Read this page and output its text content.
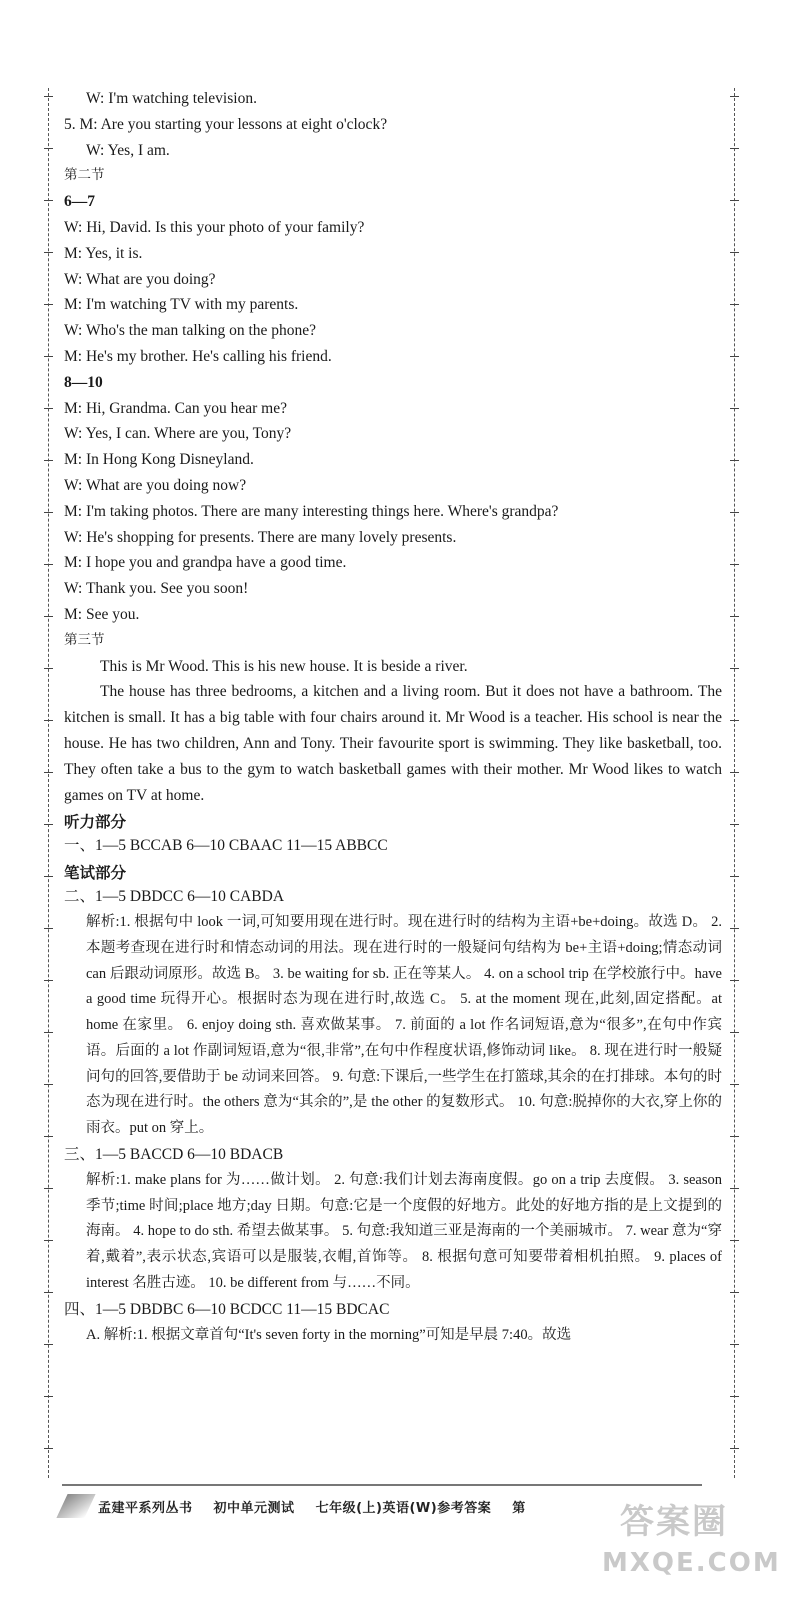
W: I'm watching television.
5. M: Are you starting your lessons at eight o'clock?
W: Yes, I am.
第二节
6—7
W: Hi, David. Is this your photo of your family?
M: Yes, it is.
W: What are you doing?
M: I'm watching TV with my parents.
W: Who's the man talking on the phone?
M: He's my brother. He's calling his friend.
8—10
M: Hi, Grandma. Can you hear me?
W: Yes, I can. Where are you, Tony?
M: In Hong Kong Disneyland.
W: What are you doing now?
M: I'm taking photos. There are many interesting things here. Where's grandpa?
W: He's shopping for presents. There are many lovely presents.
M: I hope you and grandpa have a good time.
W: Thank you. See you soon!
M: See you.
第三节
This is Mr Wood. This is his new house. It is beside a river.
The house has three bedrooms, a kitchen and a living room. But it does not have a bathroom. The kitchen is small. It has a big table with four chairs around it. Mr Wood is a teacher. His school is near the house. He has two children, Ann and Tony. Their favourite sport is swimming. They like basketball, too. They often take a bus to the gym to watch basketball games with their mother. Mr Wood likes to watch games on TV at home.
听力部分
一、1—5 BCCAB 6—10 CBAAC 11—15 ABBCC
笔试部分
二、1—5 DBDCC 6—10 CABDA
解析:1. 根据句中 look 一词,可知要用现在进行时。现在进行时的结构为主语+be+doing。故选 D。 2. 本题考查现在进行时和情态动词的用法。现在进行时的一般疑问句结构为 be+主语+doing;情态动词 can 后跟动词原形。故选 B。 3. be waiting for sb. 正在等某人。 4. on a school trip 在学校旅行中。have a good time 玩得开心。根据时态为现在进行时,故选 C。 5. at the moment 现在,此刻,固定搭配。at home 在家里。 6. enjoy doing sth. 喜欢做某事。 7. 前面的 a lot 作名词短语,意为“很多”,在句中作宾语。后面的 a lot 作副词短语,意为“很,非常”,在句中作程度状语,修饰动词 like。 8. 现在进行时一般疑问句的回答,要借助于 be 动词来回答。 9. 句意:下课后,一些学生在打篮球,其余的在打排球。本句的时态为现在进行时。the others 意为“其余的”,是 the other 的复数形式。 10. 句意:脱掉你的大衣,穿上你的雨衣。put on 穿上。
三、1—5 BACCD 6—10 BDACB
解析:1. make plans for 为……做计划。 2. 句意:我们计划去海南度假。go on a trip 去度假。 3. season 季节;time 时间;place 地方;day 日期。句意:它是一个度假的好地方。此处的好地方指的是上文提到的海南。 4. hope to do sth. 希望去做某事。 5. 句意:我知道三亚是海南的一个美丽城市。 7. wear 意为“穿着,戴着”,表示状态,宾语可以是服装,衣帽,首饰等。 8. 根据句意可知要带着相机拍照。 9. places of interest 名胜古迹。 10. be different from 与……不同。
四、1—5 DBDBC 6—10 BCDCC 11—15 BDCAC
A. 解析:1. 根据文章首句“It's seven forty in the morning”可知是早晨 7:40。故选
孟建平系列丛书 初中单元测试 七年级(上)英语(W)参考答案 第	答案圈
MXQE.COM
